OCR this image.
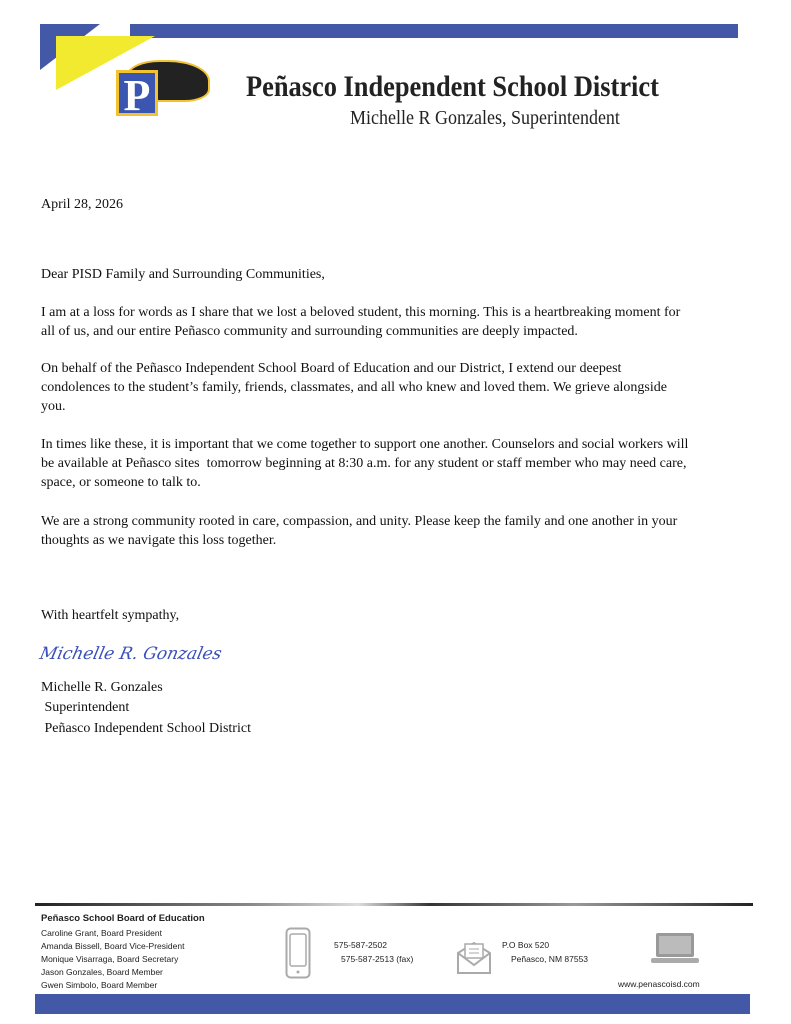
P	Peñasco Independent School District
Michelle R Gonzales, Superintendent
April 28, 2026
Dear PISD Family and Surrounding Communities,
I am at a loss for words as I share that we lost a beloved student, this morning. This is a heartbreaking moment for
all of us, and our entire Peñasco community and surrounding communities are deeply impacted.
On behalf of the Peñasco Independent School Board of Education and our District, I extend our deepest
condolences to the student’s family, friends, classmates, and all who knew and loved them. We grieve alongside
you.
In times like these, it is important that we come together to support one another. Counselors and social workers will
be available at Peñasco sites  tomorrow beginning at 8:30 a.m. for any student or staff member who may need care,
space, or someone to talk to.
We are a strong community rooted in care, compassion, and unity. Please keep the family and one another in your
thoughts as we navigate this loss together.
With heartfelt sympathy,
Michelle R. Gonzales
Michelle R. Gonzales
Superintendent
Peñasco Independent School District
Peñasco School Board of Education
Caroline Grant, Board President
Amanda Bissell, Board Vice-President
Monique Visarraga, Board Secretary
Jason Gonzales, Board Member
Gwen Simbolo, Board Member
575-587-2502
575-587-2513 (fax)
P.O Box 520
Peñasco, NM 87553
www.penascoisd.com
